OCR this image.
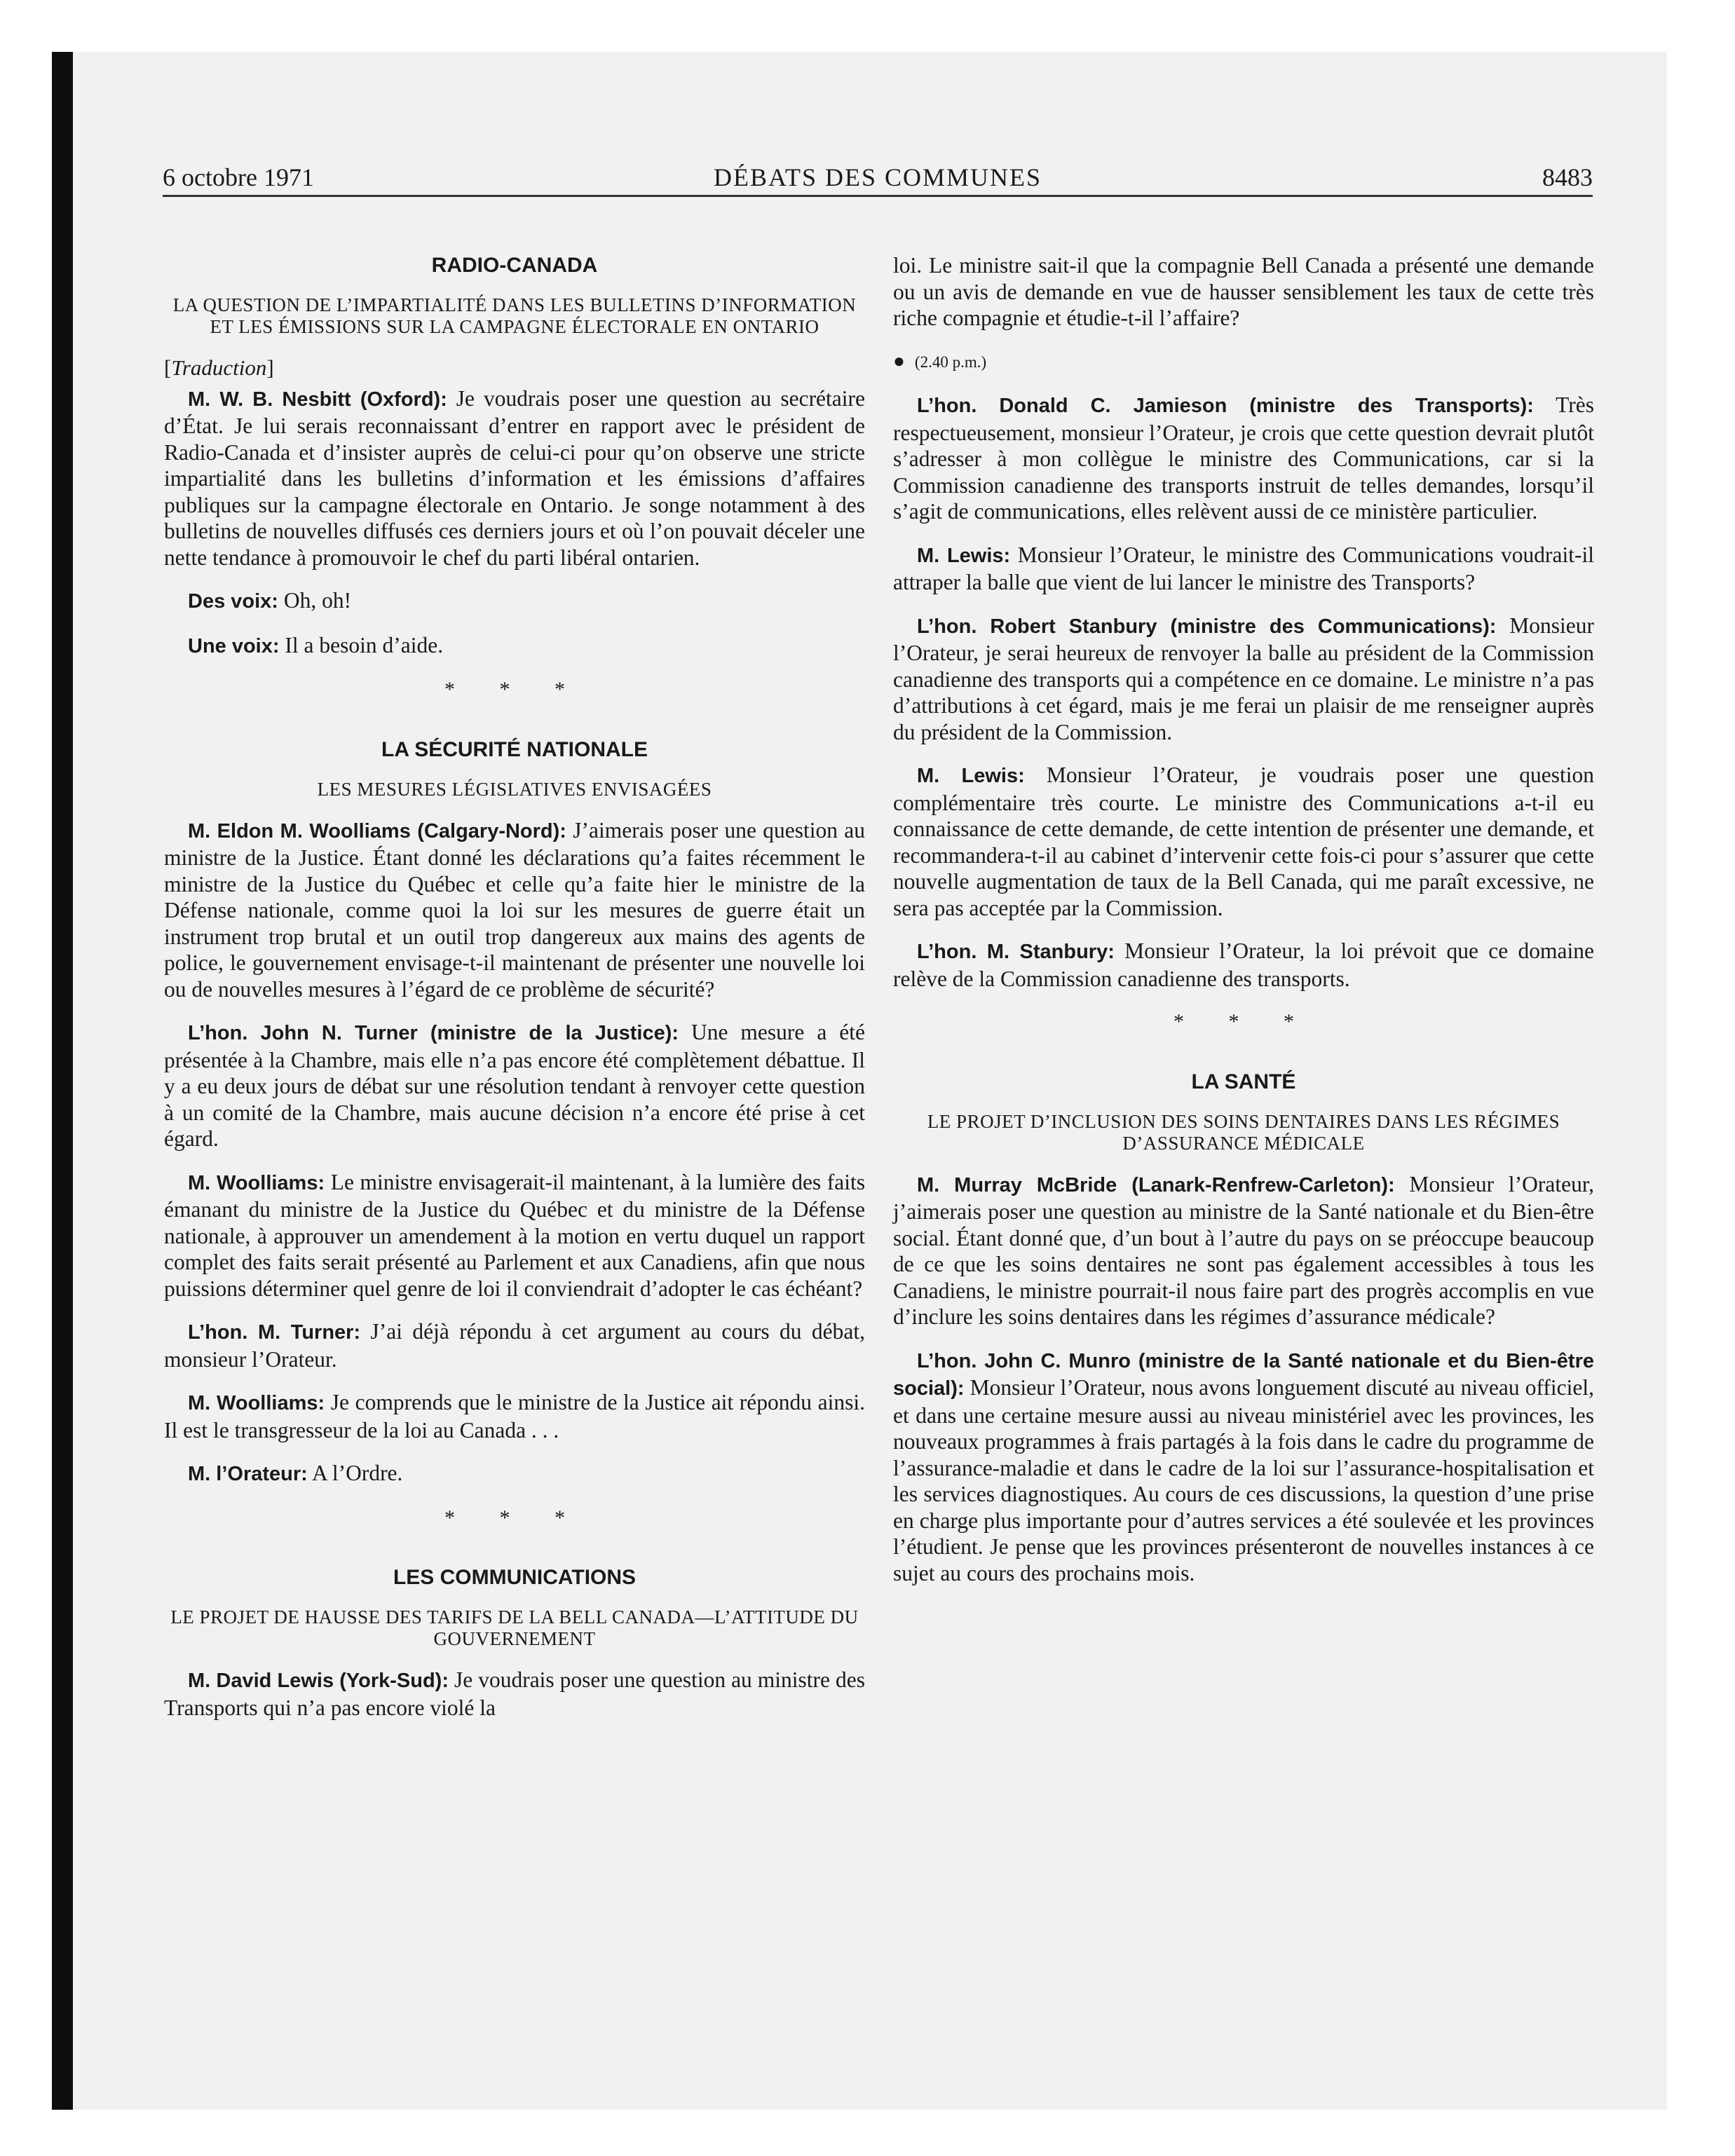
DÉBATS DES COMMUNES
6 octobre 1971	8483
RADIO-CANADA
LA QUESTION DE L’IMPARTIALITÉ DANS LES BULLETINS D’INFORMATION ET LES ÉMISSIONS SUR LA CAMPAGNE ÉLECTORALE EN ONTARIO
[Traduction]

M. W. B. Nesbitt (Oxford): Je voudrais poser une question au secrétaire d’État. Je lui serais reconnaissant d’entrer en rapport avec le président de Radio-Canada et d’insister auprès de celui-ci pour qu’on observe une stricte impartialité dans les bulletins d’information et les émissions d’affaires publiques sur la campagne électorale en Ontario. Je songe notamment à des bulletins de nouvelles diffusés ces derniers jours et où l’on pouvait déceler une nette tendance à promouvoir le chef du parti libéral ontarien.

Des voix: Oh, oh!

Une voix: Il a besoin d’aide.

* * *
LA SÉCURITÉ NATIONALE
LES MESURES LÉGISLATIVES ENVISAGÉES

M. Eldon M. Woolliams (Calgary-Nord): J’aimerais poser une question au ministre de la Justice. Étant donné les déclarations qu’a faites récemment le ministre de la Justice du Québec et celle qu’a faite hier le ministre de la Défense nationale, comme quoi la loi sur les mesures de guerre était un instrument trop brutal et un outil trop dangereux aux mains des agents de police, le gouvernement envisage-t-il maintenant de présenter une nouvelle loi ou de nouvelles mesures à l’égard de ce problème de sécurité?

L’hon. John N. Turner (ministre de la Justice): Une mesure a été présentée à la Chambre, mais elle n’a pas encore été complètement débattue. Il y a eu deux jours de débat sur une résolution tendant à renvoyer cette question à un comité de la Chambre, mais aucune décision n’a encore été prise à cet égard.

M. Woolliams: Le ministre envisagerait-il maintenant, à la lumière des faits émanant du ministre de la Justice du Québec et du ministre de la Défense nationale, à approuver un amendement à la motion en vertu duquel un rapport complet des faits serait présenté au Parlement et aux Canadiens, afin que nous puissions déterminer quel genre de loi il conviendrait d’adopter le cas échéant?

L’hon. M. Turner: J’ai déjà répondu à cet argument au cours du débat, monsieur l’Orateur.

M. Woolliams: Je comprends que le ministre de la Justice ait répondu ainsi. Il est le transgresseur de la loi au Canada . . .

M. l’Orateur: A l’Ordre.

* * *
LES COMMUNICATIONS
LE PROJET DE HAUSSE DES TARIFS DE LA BELL CANADA—L’ATTITUDE DU GOUVERNEMENT

M. David Lewis (York-Sud): Je voudrais poser une question au ministre des Transports qui n’a pas encore violé la

loi. Le ministre sait-il que la compagnie Bell Canada a présenté une demande ou un avis de demande en vue de hausser sensiblement les taux de cette très riche compagnie et étudie-t-il l’affaire?

● (2.40 p.m.)

L’hon. Donald C. Jamieson (ministre des Transports): Très respectueusement, monsieur l’Orateur, je crois que cette question devrait plutôt s’adresser à mon collègue le ministre des Communications, car si la Commission canadienne des transports instruit de telles demandes, lorsqu’il s’agit de communications, elles relèvent aussi de ce ministère particulier.

M. Lewis: Monsieur l’Orateur, le ministre des Communications voudrait-il attraper la balle que vient de lui lancer le ministre des Transports?

L’hon. Robert Stanbury (ministre des Communications): Monsieur l’Orateur, je serai heureux de renvoyer la balle au président de la Commission canadienne des transports qui a compétence en ce domaine. Le ministre n’a pas d’attributions à cet égard, mais je me ferai un plaisir de me renseigner auprès du président de la Commission.

M. Lewis: Monsieur l’Orateur, je voudrais poser une question complémentaire très courte. Le ministre des Communications a-t-il eu connaissance de cette demande, de cette intention de présenter une demande, et recommandera-t-il au cabinet d’intervenir cette fois-ci pour s’assurer que cette nouvelle augmentation de taux de la Bell Canada, qui me paraît excessive, ne sera pas acceptée par la Commission.

L’hon. M. Stanbury: Monsieur l’Orateur, la loi prévoit que ce domaine relève de la Commission canadienne des transports.

* * *
LA SANTÉ
LE PROJET D’INCLUSION DES SOINS DENTAIRES DANS LES RÉGIMES D’ASSURANCE MÉDICALE

M. Murray McBride (Lanark-Renfrew-Carleton): Monsieur l’Orateur, j’aimerais poser une question au ministre de la Santé nationale et du Bien-être social. Étant donné que, d’un bout à l’autre du pays on se préoccupe beaucoup de ce que les soins dentaires ne sont pas également accessibles à tous les Canadiens, le ministre pourrait-il nous faire part des progrès accomplis en vue d’inclure les soins dentaires dans les régimes d’assurance médicale?

L’hon. John C. Munro (ministre de la Santé nationale et du Bien-être social): Monsieur l’Orateur, nous avons longuement discuté au niveau officiel, et dans une certaine mesure aussi au niveau ministériel avec les provinces, les nouveaux programmes à frais partagés à la fois dans le cadre du programme de l’assurance-maladie et dans le cadre de la loi sur l’assurance-hospitalisation et les services diagnostiques. Au cours de ces discussions, la question d’une prise en charge plus importante pour d’autres services a été soulevée et les provinces l’étudient. Je pense que les provinces présenteront de nouvelles instances à ce sujet au cours des prochains mois.
